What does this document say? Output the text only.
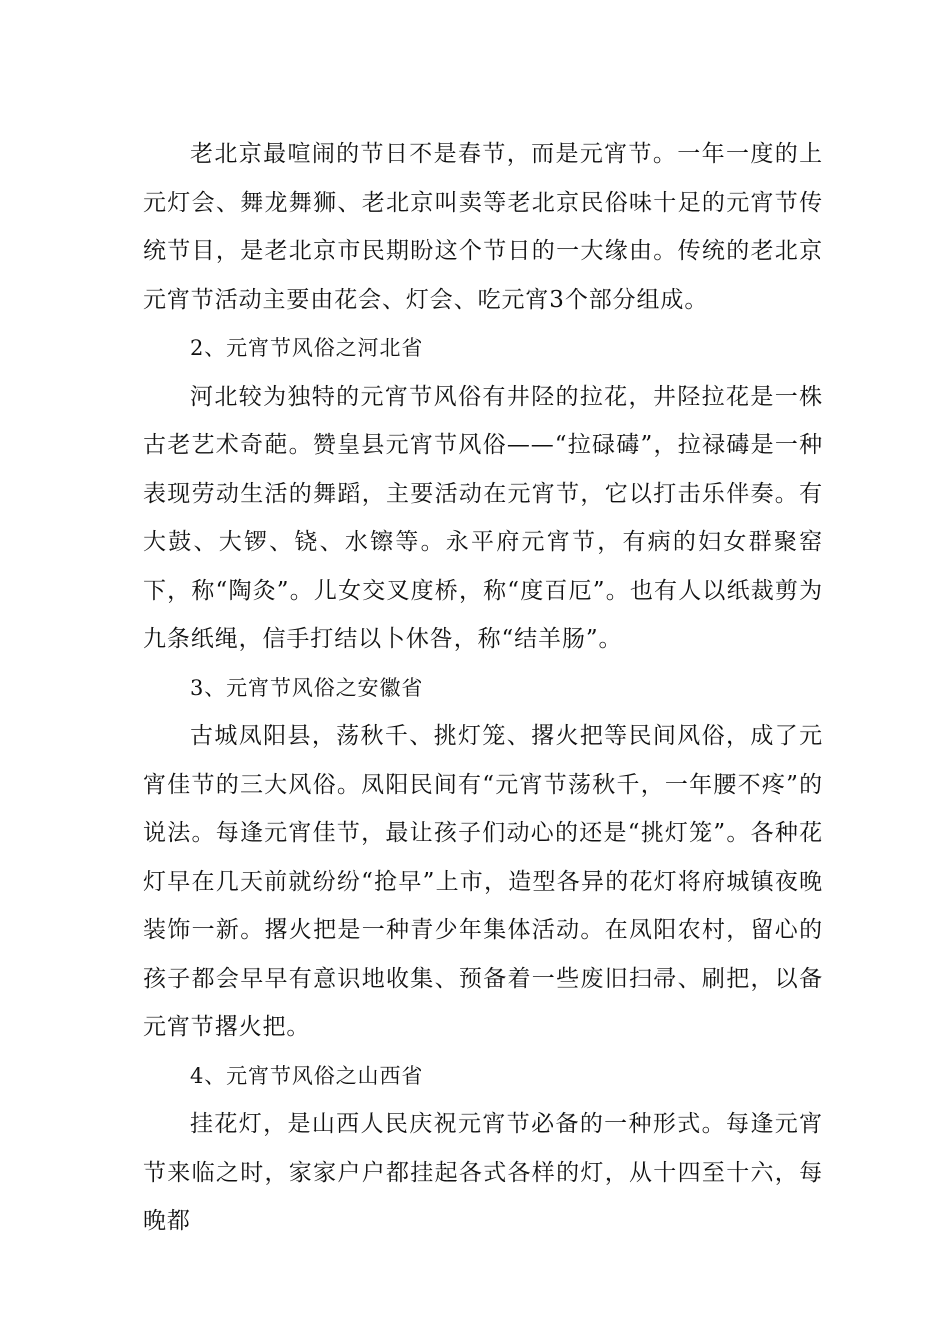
老北京最喧闹的节日不是春节，而是元宵节。一年一度的上元灯会、舞龙舞狮、老北京叫卖等老北京民俗味十足的元宵节传统节目，是老北京市民期盼这个节日的一大缘由。传统的老北京元宵节活动主要由花会、灯会、吃元宵3个部分组成。

2、元宵节风俗之河北省

河北较为独特的元宵节风俗有井陉的拉花，井陉拉花是一株古老艺术奇葩。赞皇县元宵节风俗——“拉碌碡”，拉禄碡是一种表现劳动生活的舞蹈，主要活动在元宵节，它以打击乐伴奏。有大鼓、大锣、铙、水镲等。永平府元宵节，有病的妇女群聚窑下，称“陶灸”。儿女交叉度桥，称“度百厄”。也有人以纸裁剪为九条纸绳，信手打结以卜休咎，称“结羊肠”。

3、元宵节风俗之安徽省

古城凤阳县，荡秋千、挑灯笼、撂火把等民间风俗，成了元宵佳节的三大风俗。凤阳民间有“元宵节荡秋千，一年腰不疼”的说法。每逢元宵佳节，最让孩子们动心的还是“挑灯笼”。各种花灯早在几天前就纷纷“抢早”上市，造型各异的花灯将府城镇夜晚装饰一新。撂火把是一种青少年集体活动。在凤阳农村，留心的孩子都会早早有意识地收集、预备着一些废旧扫帚、刷把，以备元宵节撂火把。

4、元宵节风俗之山西省

挂花灯，是山西人民庆祝元宵节必备的一种形式。每逢元宵节来临之时，家家户户都挂起各式各样的灯，从十四至十六，每晚都
